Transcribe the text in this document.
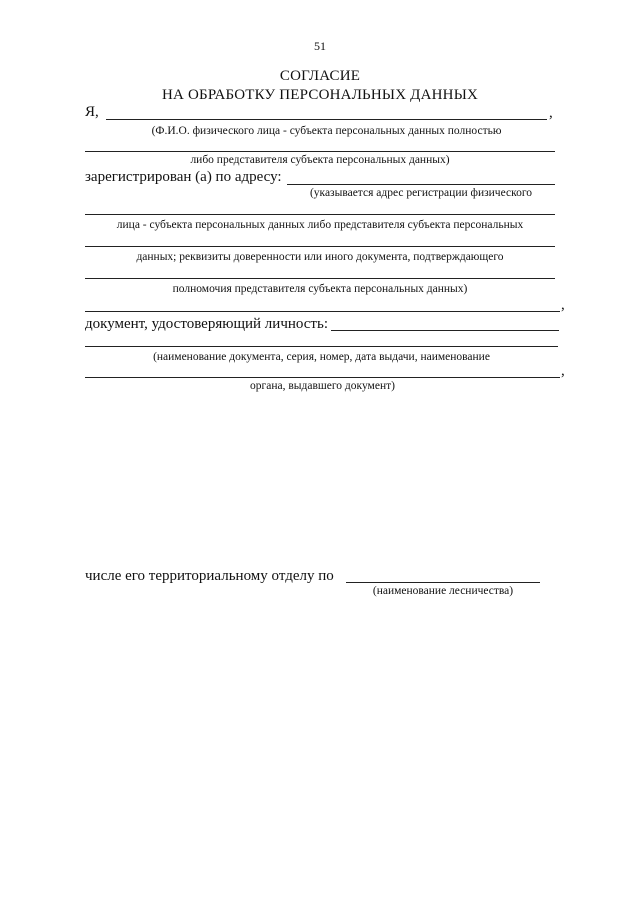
51
СОГЛАСИЕ
НА ОБРАБОТКУ ПЕРСОНАЛЬНЫХ ДАННЫХ
Я,	,
(Ф.И.О. физического лица - субъекта персональных данных полностью
либо представителя субъекта персональных данных)
зарегистрирован (а) по адресу:
(указывается адрес регистрации физического
лица - субъекта персональных данных либо представителя субъекта персональных
данных; реквизиты доверенности или иного документа, подтверждающего
полномочия представителя субъекта персональных данных)
,
документ, удостоверяющий личность:
(наименование документа, серия, номер, дата выдачи, наименование
,
органа, выдавшего документ)
числе его территориальному отделу по
(наименование лесничества)
